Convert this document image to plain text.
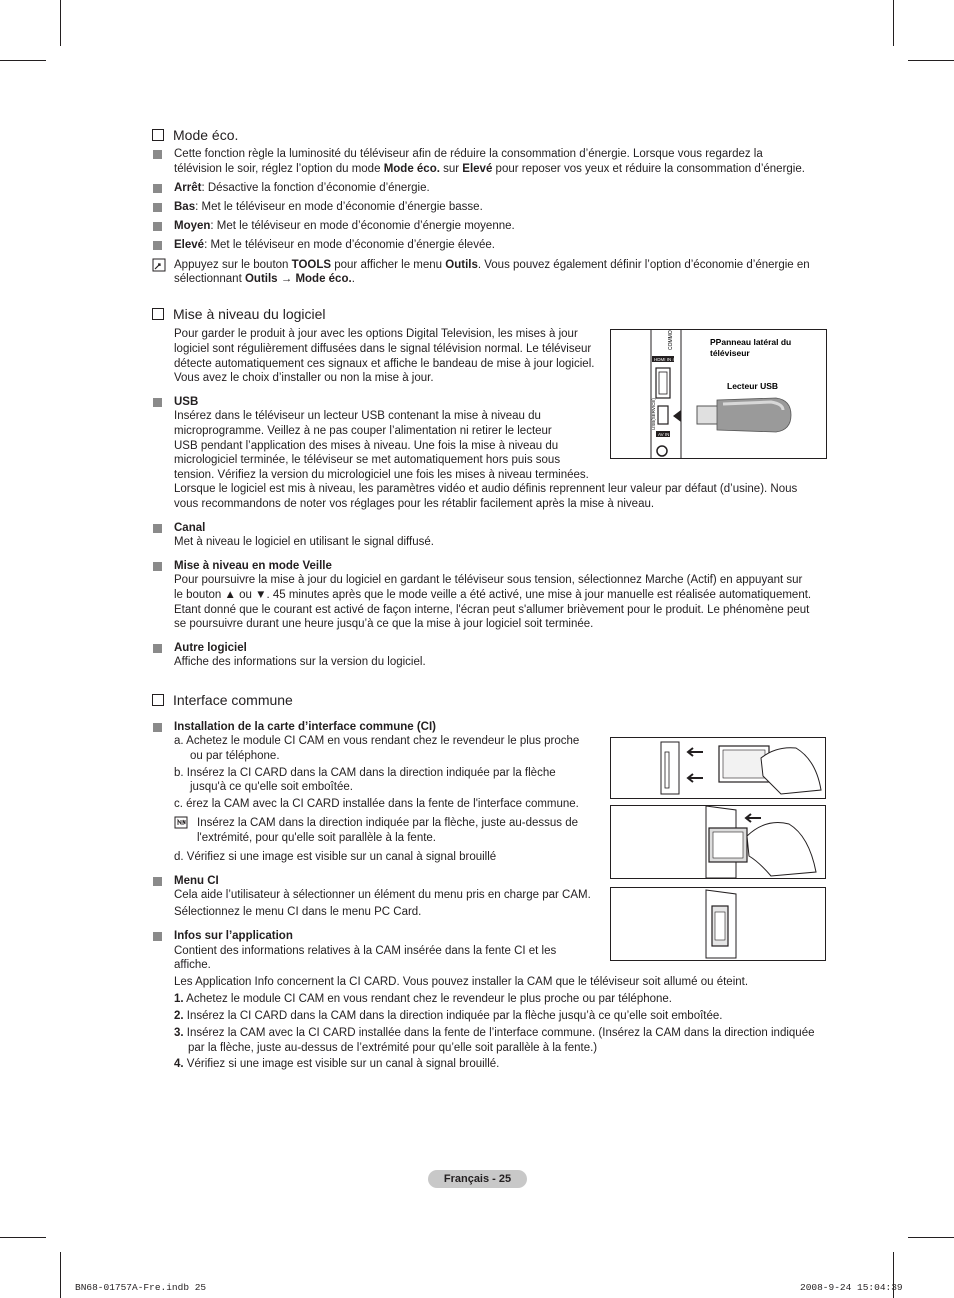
Mode éco.
Cette fonction règle la luminosité du téléviseur afin de réduire la consommation d’énergie. Lorsque vous regardez la
télévision le soir, réglez l’option du mode Mode éco. sur Elevé pour reposer vos yeux et réduire la consommation d’énergie.
Arrêt: Désactive la fonction d’économie d’énergie.
Bas: Met le téléviseur en mode d’économie d’énergie basse.
Moyen: Met le téléviseur en mode d’économie d’énergie moyenne.
Elevé: Met le téléviseur en mode d’économie d’énergie élevée.
Appuyez sur le bouton TOOLS pour afficher le menu Outils. Vous pouvez également définir l’option d’économie d’énergie en
sélectionnant Outils → Mode éco..
Mise à niveau du logiciel
Pour garder le produit à jour avec les options Digital Television, les mises à jour
logiciel sont régulièrement diffusées dans le signal télévision normal. Le téléviseur
détecte automatiquement ces signaux et affiche le bandeau de mise à jour logiciel.
Vous avez le choix d’installer ou non la mise à jour.
USB
Insérez dans le téléviseur un lecteur USB contenant la mise à niveau du
microprogramme. Veillez à ne pas couper l’alimentation ni retirer le lecteur
USB pendant l’application des mises à niveau. Une fois la mise à niveau du
micrologiciel terminée, le téléviseur se met automatiquement hors puis sous
tension. Vérifiez la version du micrologiciel une fois les mises à niveau terminées.
Lorsque le logiciel est mis à niveau, les paramètres vidéo et audio définis reprennent leur valeur par défaut (d’usine). Nous
vous recommandons de noter vos réglages pour les rétablir facilement après la mise à niveau.
COMMON
HDMI IN 4
USB(SERVICE)
AV IN
PPanneau latéral du
téléviseur
Lecteur USB
Canal
Met à niveau le logiciel en utilisant le signal diffusé.
Mise à niveau en mode Veille
Pour poursuivre la mise à jour du logiciel en gardant le téléviseur sous tension, sélectionnez Marche (Actif) en appuyant sur
le bouton ▲ ou ▼. 45 minutes après que le mode veille a été activé, une mise à jour manuelle est réalisée automatiquement.
Etant donné que le courant est activé de façon interne, l'écran peut s'allumer brièvement pour le produit. Le phénomène peut
se poursuivre durant une heure jusqu’à ce que la mise à jour logiciel soit terminée.
Autre logiciel
Affiche des informations sur la version du logiciel.
Interface commune
Installation de la carte d’interface commune (CI)
a. Achetez le module CI CAM en vous rendant chez le revendeur le plus proche
ou par téléphone.
b. Insérez la CI CARD dans la CAM dans la direction indiquée par la flèche
jusqu'à ce qu'elle soit emboîtée.
c. érez la CAM avec la CI CARD installée dans la fente de l'interface commune.
Insérez la CAM dans la direction indiquée par la flèche, juste au-dessus de
l'extrémité, pour qu'elle soit parallèle à la fente.
d. Vérifiez si une image est visible sur un canal à signal brouillé
Menu CI
Cela aide l’utilisateur à sélectionner un élément du menu pris en charge par CAM.
Sélectionnez le menu CI dans le menu PC Card.
Infos sur l’application
Contient des informations relatives à la CAM insérée dans la fente CI et les
affiche.
Les Application Info concernent la CI CARD. Vous pouvez installer la CAM que le téléviseur soit allumé ou éteint.
1. Achetez le module CI CAM en vous rendant chez le revendeur le plus proche ou par téléphone.
2. Insérez la CI CARD dans la CAM dans la direction indiquée par la flèche jusqu’à ce qu’elle soit emboîtée.
3. Insérez la CAM avec la CI CARD installée dans la fente de l’interface commune. (Insérez la CAM dans la direction indiquée
par la flèche, juste au-dessus de l’extrémité pour qu’elle soit parallèle à la fente.)
4. Vérifiez si une image est visible sur un canal à signal brouillé.
Français - 25
BN68-01757A-Fre.indb 25	2008-9-24 15:04:39
